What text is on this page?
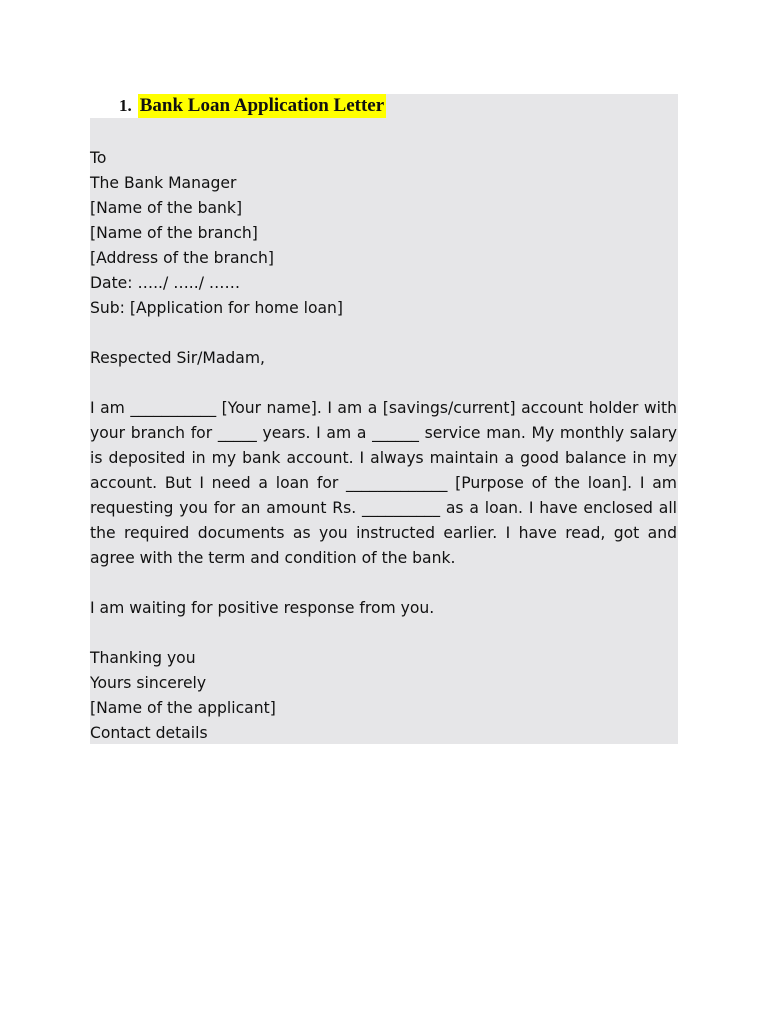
1. Bank Loan Application Letter
To
The Bank Manager
[Name of the bank]
[Name of the branch]
[Address of the branch]
Date: …../ …../ ……
Sub: [Application for home loan]
Respected Sir/Madam,
I am ___________ [Your name]. I am a [savings/current] account holder with your branch for _____ years. I am a ______ service man. My monthly salary is deposited in my bank account. I always maintain a good balance in my account. But I need a loan for _____________ [Purpose of the loan]. I am requesting you for an amount Rs. __________ as a loan. I have enclosed all the required documents as you instructed earlier. I have read, got and agree with the term and condition of the bank.
I am waiting for positive response from you.
Thanking you
Yours sincerely
[Name of the applicant]
Contact details
